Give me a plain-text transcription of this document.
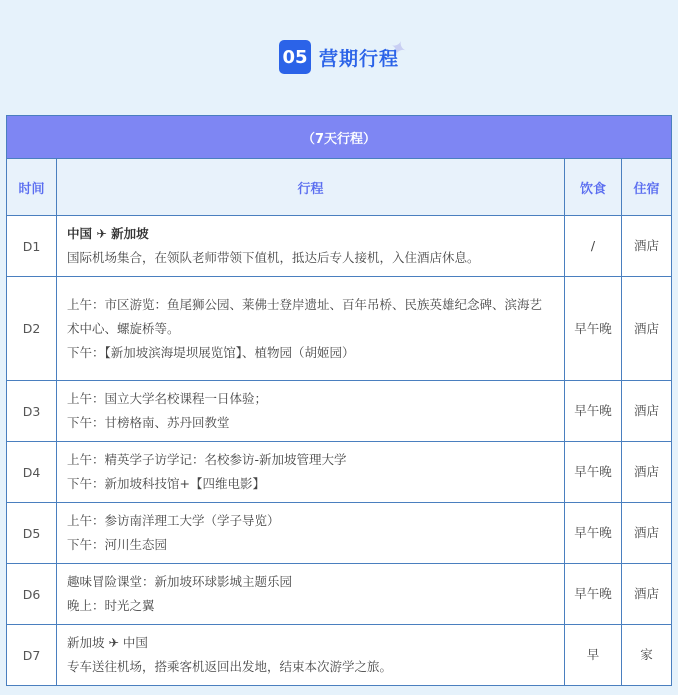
05 营期行程
✦
（7天行程）			
时间	行程	饮食	住宿
D1	中国 ✈ 新加坡
国际机场集合，在领队老师带领下值机，抵达后专人接机，入住酒店休息。	/	酒店
D2	上午：市区游览：鱼尾狮公园、莱佛士登岸遗址、百年吊桥、民族英雄纪念碑、滨海艺术中心、螺旋桥等。
下午：【新加坡滨海堤坝展览馆】、植物园（胡姬园）	早午晚	酒店
D3	上午：国立大学名校课程一日体验；
下午：甘榜格南、苏丹回教堂	早午晚	酒店
D4	上午：精英学子访学记：名校参访-新加坡管理大学
下午：新加坡科技馆+【四维电影】	早午晚	酒店
D5	上午：参访南洋理工大学（学子导览）
下午：河川生态园	早午晚	酒店
D6	趣味冒险课堂：新加坡环球影城主题乐园
晚上：时光之翼	早午晚	酒店
D7	新加坡 ✈ 中国
专车送往机场，搭乘客机返回出发地，结束本次游学之旅。	早	家
